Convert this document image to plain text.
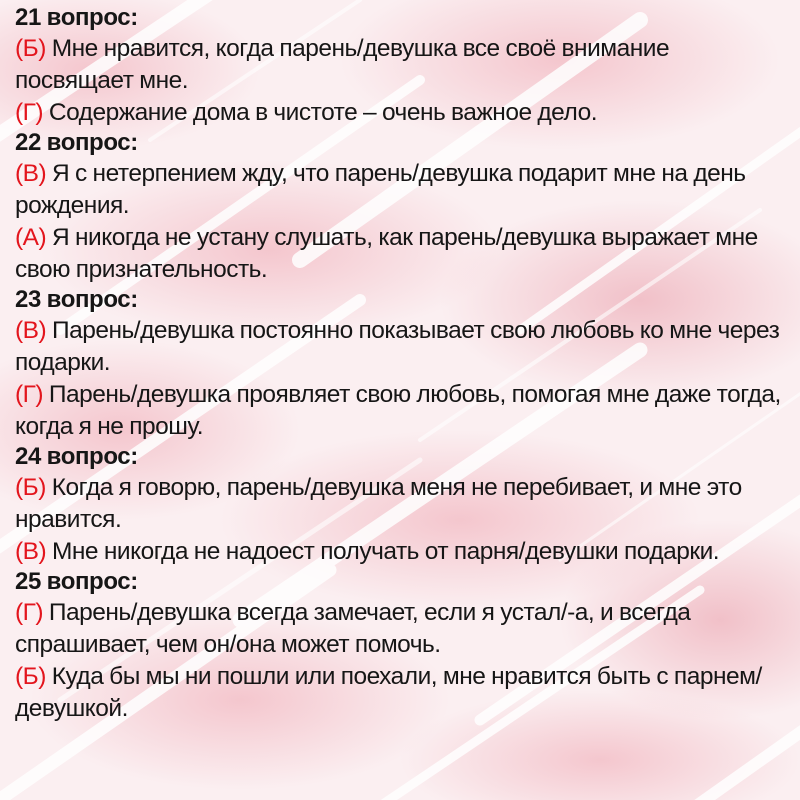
21 вопрос:

(Б) Мне нравится, когда парень/девушка все своё внимание посвящает мне.

(Г) Содержание дома в чистоте – очень важное дело.

22 вопрос:

(В) Я с нетерпением жду, что парень/девушка подарит мне на день рождения.

(А) Я никогда не устану слушать, как парень/девушка выражает мне свою признательность.

23 вопрос:

(В) Парень/девушка постоянно показывает свою любовь ко мне через подарки.

(Г) Парень/девушка проявляет свою любовь, помогая мне даже тогда, когда я не прошу.

24 вопрос:

(Б) Когда я говорю, парень/девушка меня не перебивает, и мне это нравится.

(В) Мне никогда не надоест получать от парня/девушки подарки.

25 вопрос:

(Г) Парень/девушка всегда замечает, если я устал/-а, и всегда спрашивает, чем он/она может помочь.

(Б) Куда бы мы ни пошли или поехали, мне нравится быть с парнем/девушкой.
